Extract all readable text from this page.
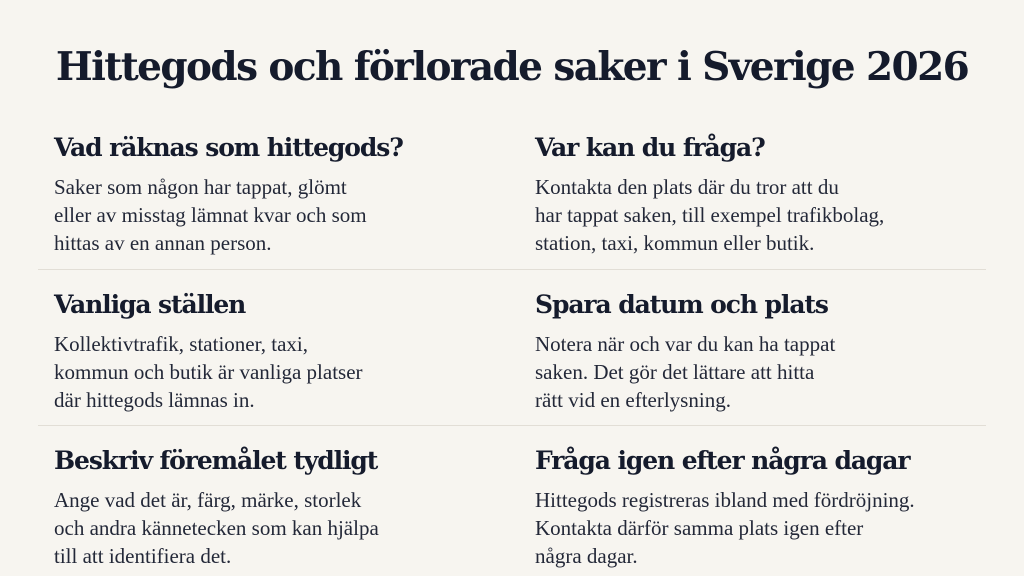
Hittegods och förlorade saker i Sverige 2026
Vad räknas som hittegods?

Saker som någon har tappat, glömt
eller av misstag lämnat kvar och som
hittas av en annan person.

Var kan du fråga?

Kontakta den plats där du tror att du
har tappat saken, till exempel trafikbolag,
station, taxi, kommun eller butik.

Vanliga ställen

Kollektivtrafik, stationer, taxi,
kommun och butik är vanliga platser
där hittegods lämnas in.

Spara datum och plats

Notera när och var du kan ha tappat
saken. Det gör det lättare att hitta
rätt vid en efterlysning.

Beskriv föremålet tydligt

Ange vad det är, färg, märke, storlek
och andra kännetecken som kan hjälpa
till att identifiera det.

Fråga igen efter några dagar

Hittegods registreras ibland med fördröjning.
Kontakta därför samma plats igen efter
några dagar.
